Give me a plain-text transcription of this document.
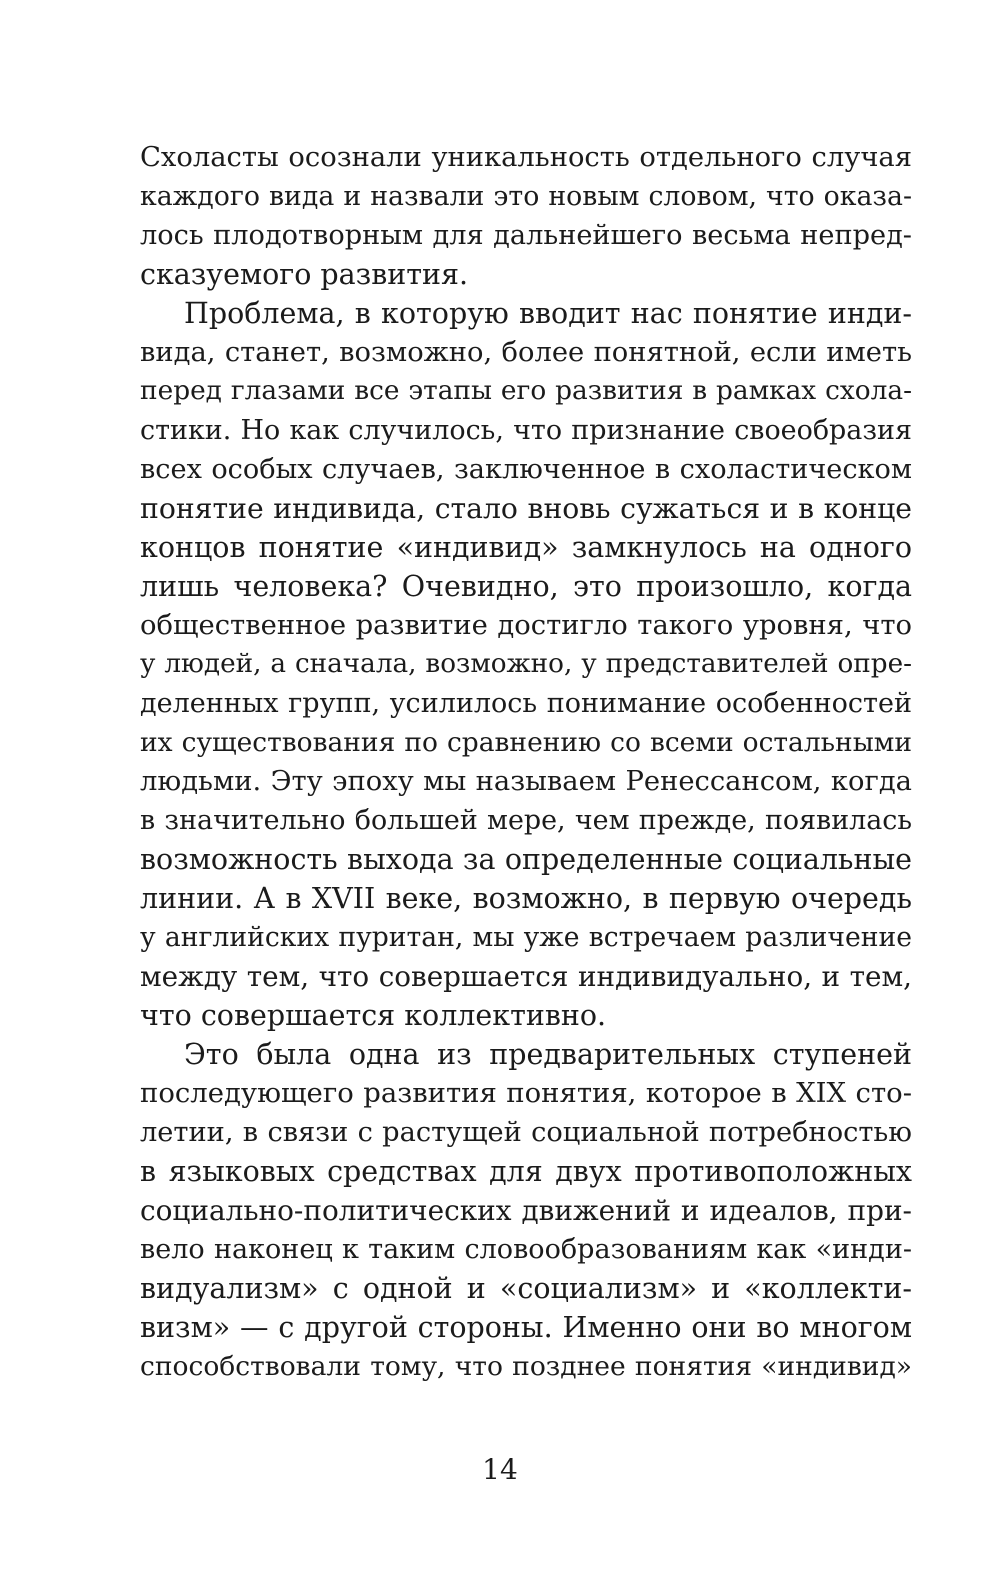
Схоласты осознали уникальность отдельного случая
каждого вида и назвали это новым словом, что оказа-
лось плодотворным для дальнейшего весьма непред-
сказуемого развития.
Проблема, в которую вводит нас понятие инди-
вида, станет, возможно, более понятной, если иметь
перед глазами все этапы его развития в рамках схола-
стики. Но как случилось, что признание своеобразия
всех особых случаев, заключенное в схоластическом
понятие индивида, стало вновь сужаться и в конце
концов понятие «индивид» замкнулось на одного
лишь человека? Очевидно, это произошло, когда
общественное развитие достигло такого уровня, что
у людей, а сначала, возможно, у представителей опре-
деленных групп, усилилось понимание особенностей
их существования по сравнению со всеми остальными
людьми. Эту эпоху мы называем Ренессансом, когда
в значительно большей мере, чем прежде, появилась
возможность выхода за определенные социальные
линии. А в XVII веке, возможно, в первую очередь
у английских пуритан, мы уже встречаем различение
между тем, что совершается индивидуально, и тем,
что совершается коллективно.
Это была одна из предварительных ступеней
последующего развития понятия, которое в XIX сто-
летии, в связи с растущей социальной потребностью
в языковых средствах для двух противоположных
социально-политических движений и идеалов, при-
вело наконец к таким словообразованиям как «инди-
видуализм» с одной и «социализм» и «коллекти-
визм» — с другой стороны. Именно они во многом
способствовали тому, что позднее понятия «индивид»
14
